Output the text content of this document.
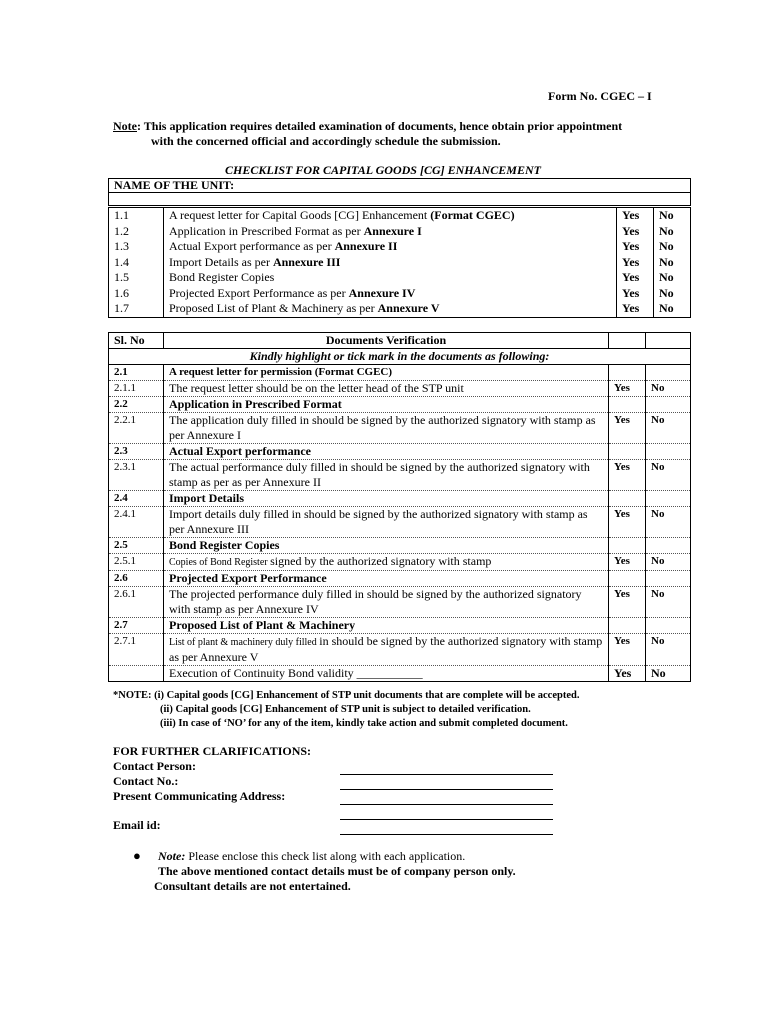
Form No. CGEC – I
Note: This application requires detailed examination of documents, hence obtain prior appointment
with the concerned official and accordingly schedule the submission.
CHECKLIST FOR CAPITAL GOODS [CG] ENHANCEMENT
NAME OF THE UNIT:

1.1	A request letter for Capital Goods [CG] Enhancement (Format CGEC)	Yes	No
1.2	Application in Prescribed Format as per Annexure I	Yes	No
1.3	Actual Export performance as per Annexure II	Yes	No
1.4	Import Details as per Annexure III	Yes	No
1.5	Bond Register Copies	Yes	No
1.6	Projected Export Performance as per Annexure IV	Yes	No
1.7	Proposed List of Plant & Machinery as per Annexure V	Yes	No
Sl. No	Documents Verification		
Kindly highlight or tick mark in the documents as following:			
2.1	A request letter for permission (Format CGEC)		
2.1.1	The request letter should be on the letter head of the STP unit	Yes	No
2.2	Application in Prescribed Format		
2.2.1	The application duly filled in should be signed by the authorized signatory with stamp as per Annexure I	Yes	No
2.3	Actual Export performance		
2.3.1	The actual performance duly filled in should be signed by the authorized signatory with stamp as per as per Annexure II	Yes	No
2.4	Import Details		
2.4.1	Import details duly filled in should be signed by the authorized signatory with stamp as per Annexure III	Yes	No
2.5	Bond Register Copies		
2.5.1	Copies of Bond Register signed by the authorized signatory with stamp	Yes	No
2.6	Projected Export Performance		
2.6.1	The projected performance duly filled in should be signed by the authorized signatory with stamp as per Annexure IV	Yes	No
2.7	Proposed List of Plant & Machinery		
2.7.1	List of plant & machinery duly filled in should be signed by the authorized signatory with stamp as per Annexure V	Yes	No
	Execution of Continuity Bond validity ___________	Yes	No
*NOTE: (i) Capital goods [CG] Enhancement of STP unit documents that are complete will be accepted.
(ii) Capital goods [CG] Enhancement of STP unit is subject to detailed verification.
(iii) In case of ‘NO’ for any of the item, kindly take action and submit completed document.
FOR FURTHER CLARIFICATIONS:
Contact Person:
Contact No.:
Present Communicating Address:
Email id:
● Note: Please enclose this check list along with each application.
The above mentioned contact details must be of company person only.
Consultant details are not entertained.
